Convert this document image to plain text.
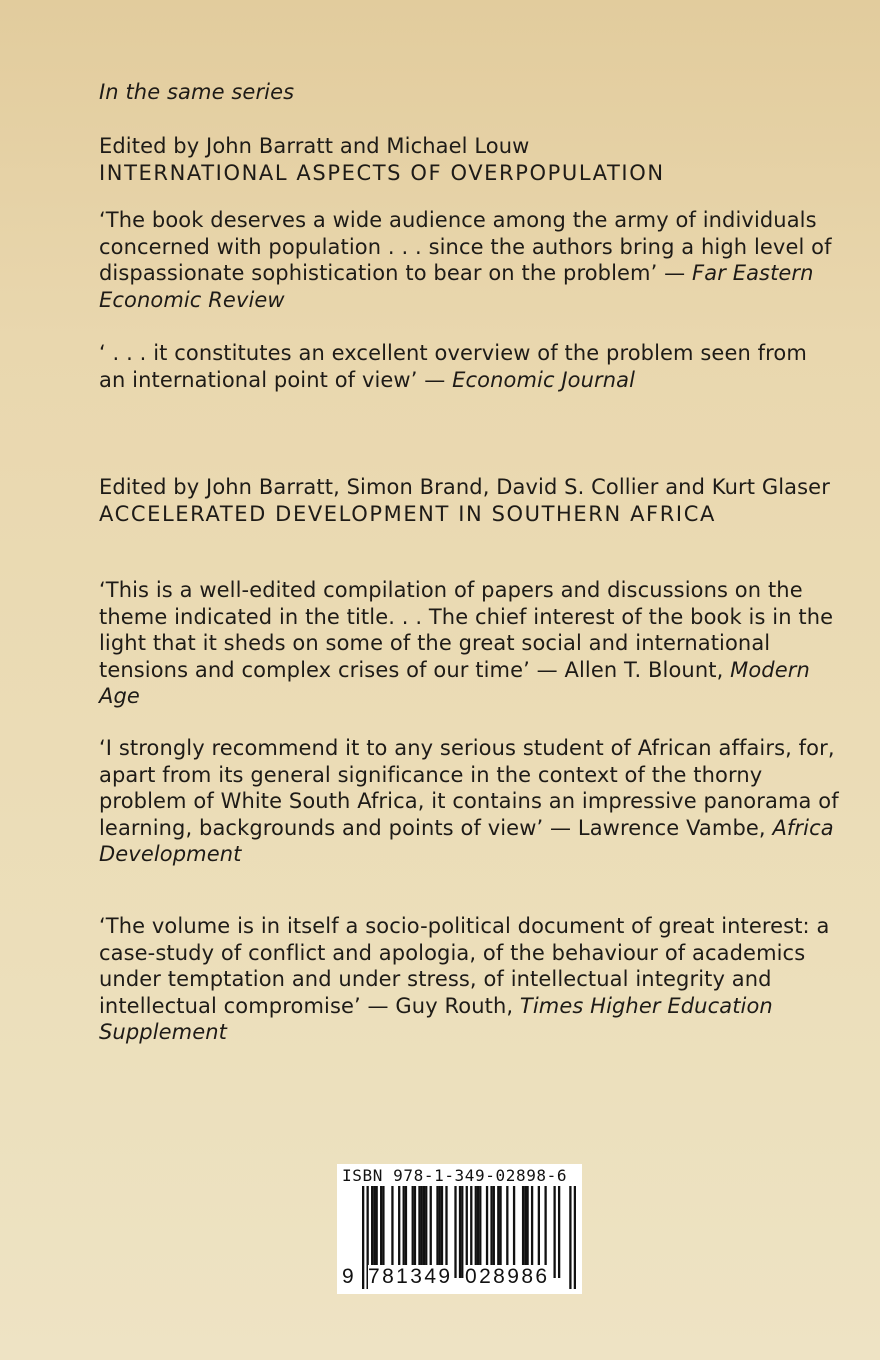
In the same series
Edited by John Barratt and Michael Louw
INTERNATIONAL ASPECTS OF OVERPOPULATION
‘The book deserves a wide audience among the army of individuals concerned with population . . . since the authors bring a high level of dispassionate sophistication to bear on the problem’ — Far Eastern Economic Review
‘ . . . it constitutes an excellent overview of the problem seen from an international point of view’ — Economic Journal
Edited by John Barratt, Simon Brand, David S. Collier and Kurt Glaser
ACCELERATED DEVELOPMENT IN SOUTHERN AFRICA
‘This is a well-edited compilation of papers and discussions on the theme indicated in the title. . . The chief interest of the book is in the light that it sheds on some of the great social and international tensions and complex crises of our time’ — Allen T. Blount, Modern Age
‘I strongly recommend it to any serious student of African affairs, for, apart from its general significance in the context of the thorny problem of White South Africa, it contains an impressive panorama of learning, backgrounds and points of view’ — Lawrence Vambe, Africa Development
‘The volume is in itself a socio-political document of great interest: a case-study of conflict and apologia, of the behaviour of academics under temptation and under stress, of intellectual integrity and intellectual compromise’ — Guy Routh, Times Higher Education Supplement
ISBN 978-1-349-02898-6
9 781349 028986
